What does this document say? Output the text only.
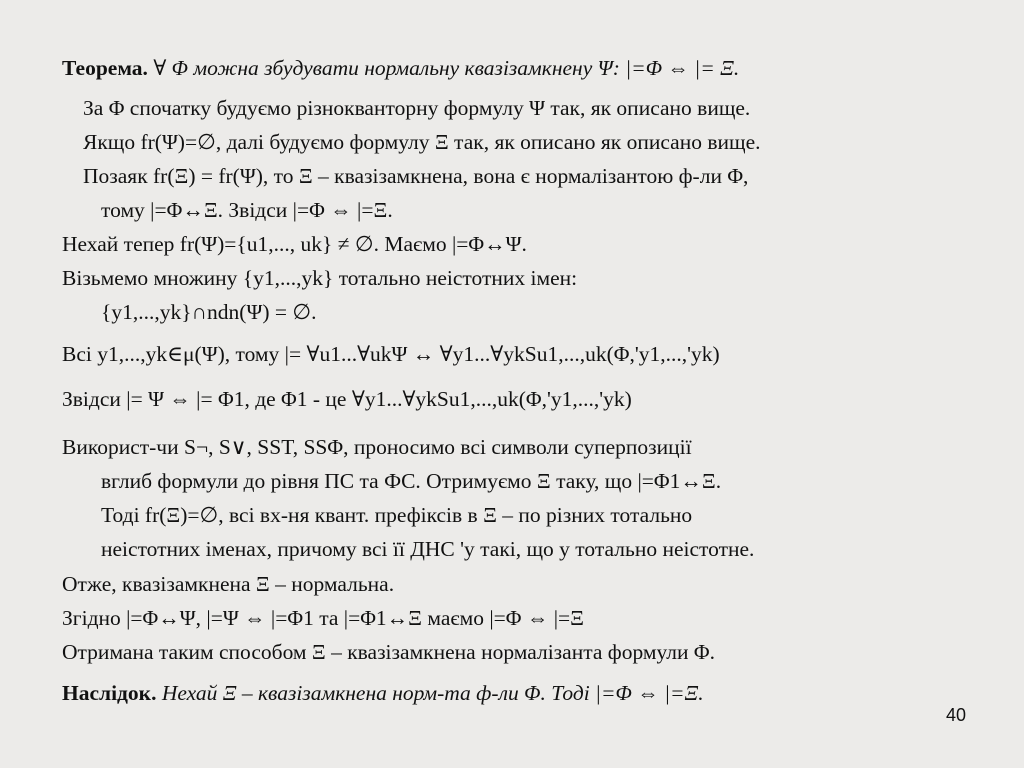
Теорема. ∀ Φ можна збудувати нормальну квазізамкнену Ψ: |=Φ ⇔ |= Ξ.
За Φ спочатку будуємо різнокванторну формулу Ψ так, як описано вище.
Якщо fr(Ψ)=∅, далі будуємо формулу Ξ так, як описано як описано вище.
Позаяк fr(Ξ) = fr(Ψ), то Ξ – квазізамкнена, вона є нормалізантою ф-ли Φ,
тому |=Φ↔Ξ. Звідси |=Φ ⇔ |=Ξ.
Нехай тепер fr(Ψ)={u1,..., uk} ≠ ∅. Маємо |=Φ↔Ψ.
Візьмемо множину {y1,...,yk} тотально неістотних імен:
{y1,...,yk}∩ndn(Ψ) = ∅.
Всі y1,...,yk∈μ(Ψ), тому |= ∀u1...∀ukΨ ↔ ∀y1...∀ykSu1,...,uk(Φ,'y1,...,'yk)
Звідси |= Ψ ⇔ |= Φ1, де Φ1 - це ∀y1...∀ykSu1,...,uk(Φ,'y1,...,'yk)
Використ-чи S¬, S∨, SST, SSΦ, проносимо всі символи суперпозиції
вглиб формули до рівня ПС та ФС. Отримуємо Ξ таку, що |=Φ1↔Ξ.
Тоді fr(Ξ)=∅, всі вх-ня квант. префіксів в Ξ – по різних тотально
неістотних іменах, причому всі її ДНС 'y такі, що y тотально неістотне.
Отже, квазізамкнена Ξ – нормальна.
Згідно |=Φ↔Ψ, |=Ψ ⇔ |=Φ1 та |=Φ1↔Ξ маємо |=Φ ⇔ |=Ξ
Отримана таким способом Ξ – квазізамкнена нормалізанта формули Φ.
Наслідок. Нехай Ξ – квазізамкнена норм-та ф-ли Φ. Тоді |=Φ ⇔ |=Ξ.
40
